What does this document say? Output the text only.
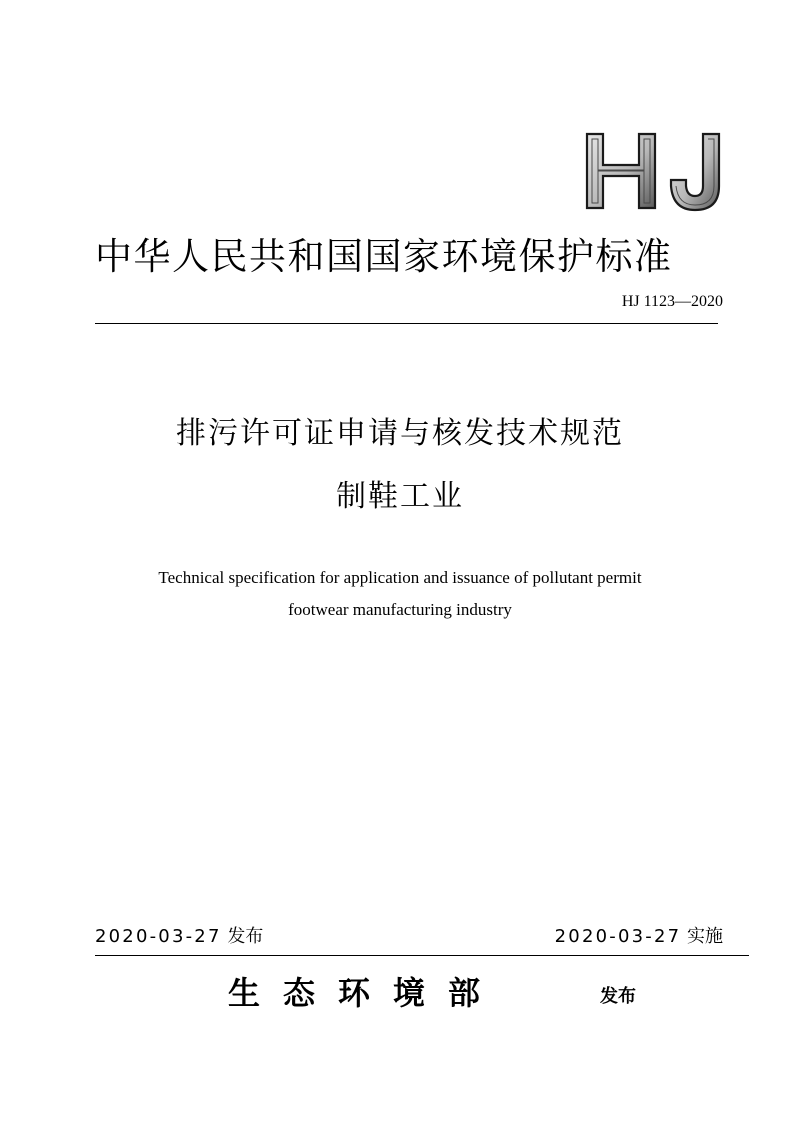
中华人民共和国国家环境保护标准
HJ 1123—2020
排污许可证申请与核发技术规范
制鞋工业
Technical specification for application and issuance of pollutant permit
footwear manufacturing industry
2020-03-27 发布	2020-03-27 实施
生态环境部	发布
